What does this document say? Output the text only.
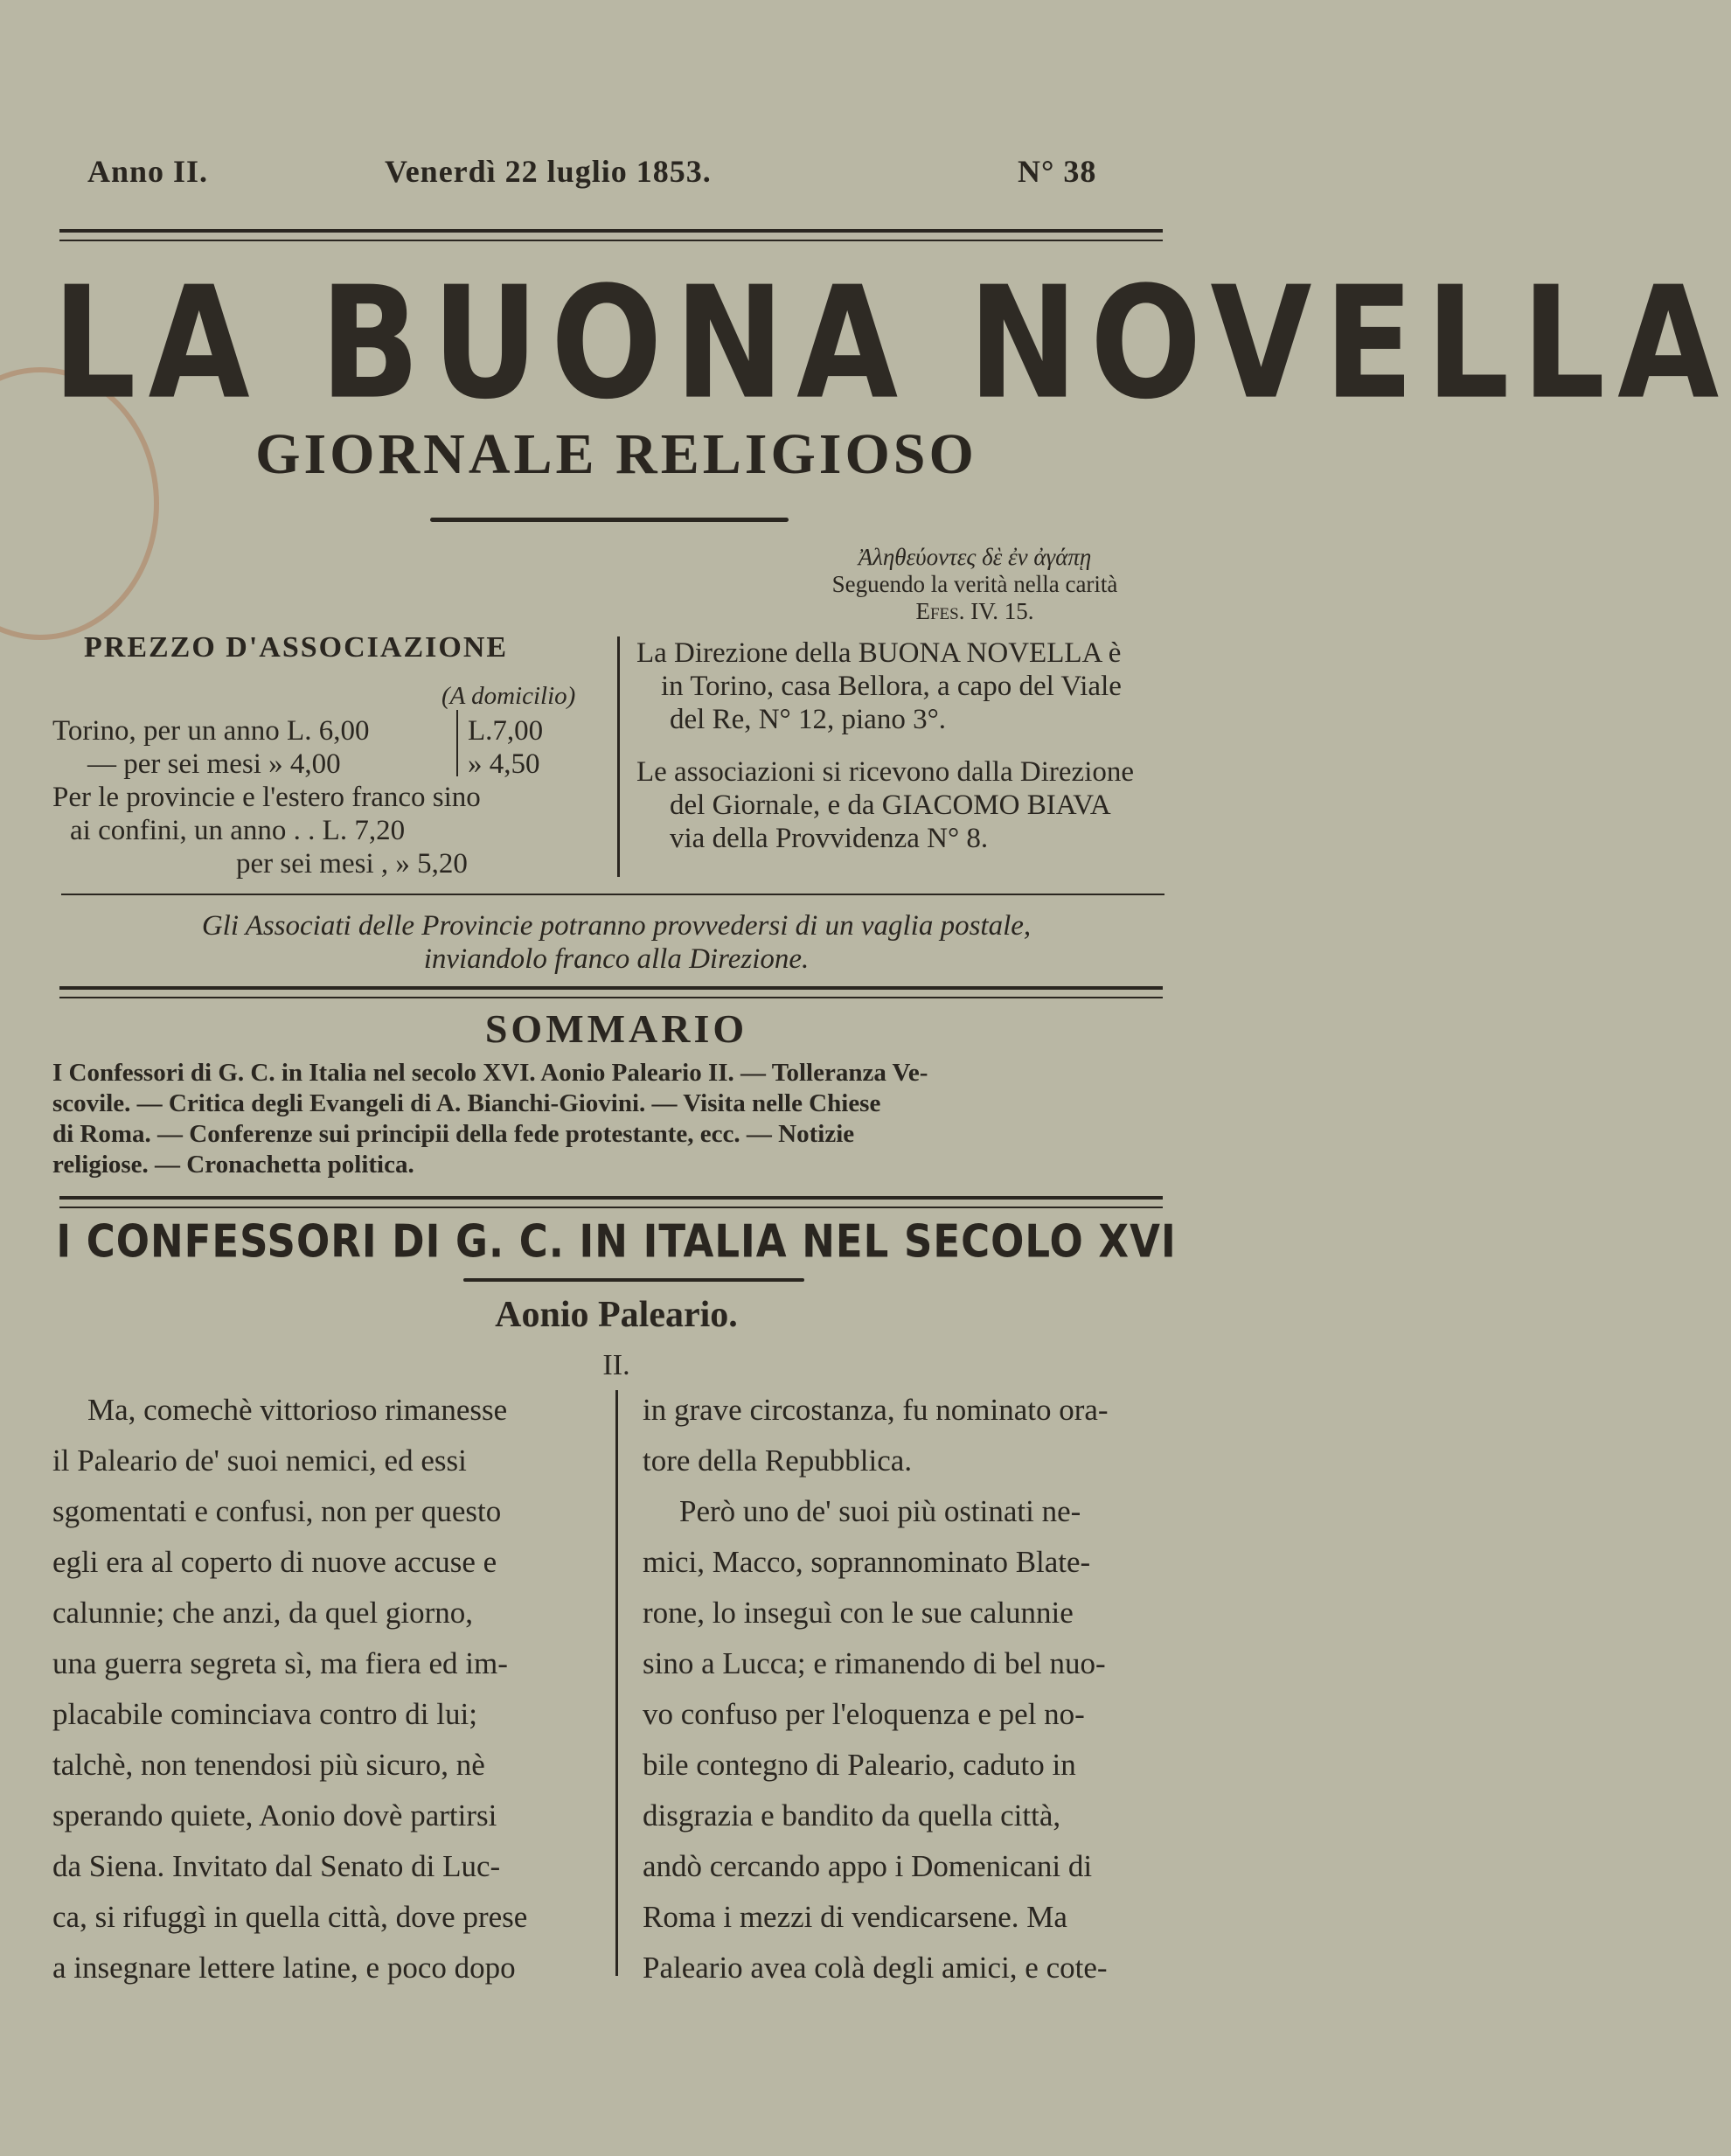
Anno II.	Venerdì 22 luglio 1853.	N° 38
LA BUONA NOVELLA
GIORNALE RELIGIOSO
Ἀληθεύοντες δὲ ἐν ἀγάπῃ
Seguendo la verità nella carità
Efes. IV. 15.
PREZZO D'ASSOCIAZIONE
(A domicilio)
Torino, per un anno L. 6,00	L.7,00
— per sei mesi » 4,00	» 4,50
Per le provincie e l'estero franco sino
ai confini, un anno . . L. 7,20
per sei mesi , » 5,20

La Direzione della BUONA NOVELLA è

in Torino, casa Bellora, a capo del Viale

del Re, N° 12, piano 3°.

Le associazioni si ricevono dalla Direzione

del Giornale, e da GIACOMO BIAVA

via della Provvidenza N° 8.

Gli Associati delle Provincie potranno provvedersi di un vaglia postale,
inviandolo franco alla Direzione.
SOMMARIO
I Confessori di G. C. in Italia nel secolo XVI. Aonio Paleario II. — Tolleranza Ve-
scovile. — Critica degli Evangeli di A. Bianchi-Giovini. — Visita nelle Chiese
di Roma. — Conferenze sui principii della fede protestante, ecc. — Notizie
religiose. — Cronachetta politica.
I CONFESSORI DI G. C. IN ITALIA NEL SECOLO XVI
Aonio Paleario.
II.
Ma, comechè vittorioso rimanesse
il Paleario de' suoi nemici, ed essi
sgomentati e confusi, non per questo
egli era al coperto di nuove accuse e
calunnie; che anzi, da quel giorno,
una guerra segreta sì, ma fiera ed im-
placabile cominciava contro di lui;
talchè, non tenendosi più sicuro, nè
sperando quiete, Aonio dovè partirsi
da Siena. Invitato dal Senato di Luc-
ca, si rifuggì in quella città, dove prese
a insegnare lettere latine, e poco dopo
in grave circostanza, fu nominato ora-
tore della Repubblica.
Però uno de' suoi più ostinati ne-
mici, Macco, soprannominato Blate-
rone, lo inseguì con le sue calunnie
sino a Lucca; e rimanendo di bel nuo-
vo confuso per l'eloquenza e pel no-
bile contegno di Paleario, caduto in
disgrazia e bandito da quella città,
andò cercando appo i Domenicani di
Roma i mezzi di vendicarsene. Ma
Paleario avea colà degli amici, e cote-
